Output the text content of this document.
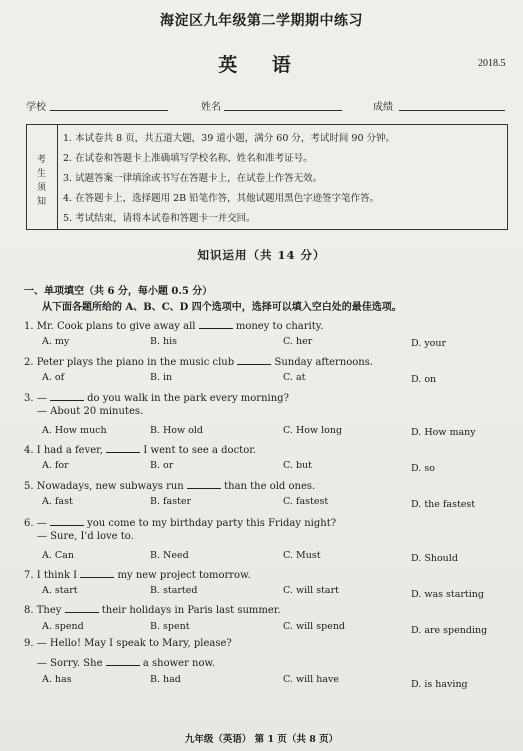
海淀区九年级第二学期期中练习
英 语	2018.5
学校	姓名	成绩
考
生
须
知
1. 本试卷共 8 页，共五道大题，39 道小题，满分 60 分，考试时间 90 分钟。
2. 在试卷和答题卡上准确填写学校名称、姓名和准考证号。
3. 试题答案一律填涂或书写在答题卡上，在试卷上作答无效。
4. 在答题卡上，选择题用 2B 铅笔作答，其他试题用黑色字迹签字笔作答。
5. 考试结束，请将本试卷和答题卡一并交回。
知识运用（共 14 分）
一、单项填空（共 6 分，每小题 0.5 分）
从下面各题所给的 A、B、C、D 四个选项中，选择可以填入空白处的最佳选项。
1. Mr. Cook plans to give away all	money to charity.
A. my	B. his	C. her	D. your
2. Peter plays the piano in the music club	Sunday afternoons.
A. of	B. in	C. at	D. on
3. —	do you walk in the park every morning?
— About 20 minutes.
A. How much	B. How old	C. How long	D. How many
4. I had a fever,	I went to see a doctor.
A. for	B. or	C. but	D. so
5. Nowadays, new subways run	than the old ones.
A. fast	B. faster	C. fastest	D. the fastest
6. —	you come to my birthday party this Friday night?
— Sure, I'd love to.
A. Can	B. Need	C. Must	D. Should
7. I think I	my new project tomorrow.
A. start	B. started	C. will start	D. was starting
8. They	their holidays in Paris last summer.
A. spend	B. spent	C. will spend	D. are spending
9. — Hello! May I speak to Mary, please?
— Sorry. She	a shower now.
A. has	B. had	C. will have	D. is having
九年级（英语） 第 1 页（共 8 页）
